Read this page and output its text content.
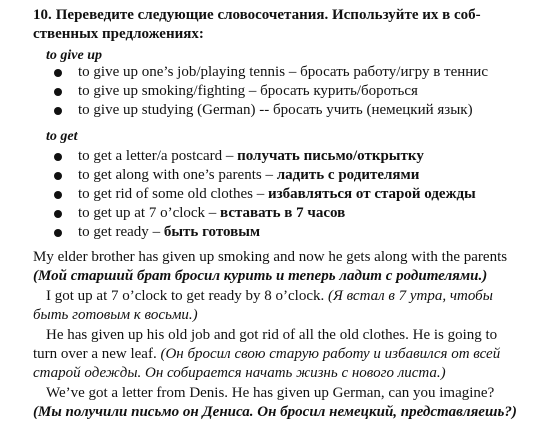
10. Переведите следующие словосочетания. Используйте их в соб-
ственных предложениях:
to give up
to give up one’s job/playing tennis – бросать работу/игру в теннис
to give up smoking/fighting – бросать курить/бороться
to give up studying (German) -- бросать учить (немецкий язык)
to get
to get a letter/a postcard – получать письмо/открытку
to get along with one’s parents – ладить с родителями
to get rid of some old clothes – избавляться от старой одежды
to get up at 7 o’clock – вставать в 7 часов
to get ready – быть готовым
My elder brother has given up smoking and now he gets along with the parents
(Мой старший брат бросил курить и теперь ладит с родителями.)
I got up at 7 o’clock to get ready by 8 o’clock. (Я встал в 7 утра, чтобы
быть готовым к восьми.)
He has given up his old job and got rid of all the old clothes. He is going to
turn over a new leaf. (Он бросил свою старую работу и избавился от всей
старой одежды. Он собирается начать жизнь с нового листа.)
We’ve got a letter from Denis. He has given up German, can you imagine?
(Мы получили письмо он Дениса. Он бросил немецкий, представляешь?)
